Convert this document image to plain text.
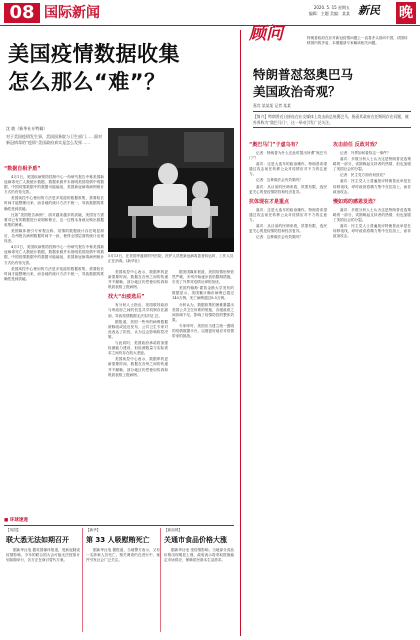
08 国际新闻	2020. 5. 15 星期五
编辑：主题 美编：某某 新民 晚
美国疫情数据收集
怎么那么“难”？
沈 敏（新华社专特稿）
对于美国疫情发生事，美国国务院与卫生部门……面对新冠病毒的“疫情”美国政府真实是怎么发挥……
5月13日，在美国华盛顿的外医院，医护人员把新冠病毒患者转运时，工作人员正在消毒。(新华社)
“数据自相矛盾”

4月1日，美国疾病预防控制中心一份研究报告中称美国新冠病毒死亡人数统计数据，数据来源并未指明美国疫情中的数据，中国疫情数据中的数据可能偏低，美国新冠病毒病例统计方式仍有待完善。

美国疾控中心使用的方法是多渠道的数据收集，需要较长时间才能整理出来，而各地的统计方法不统一，导致数据的准确性受到质疑。

比如“美国报告病例”，面对越来越多的质疑，美国官方需要对已有的数据进行说明和修正，这一过程本身就反映出数据收集的困难。

美国媒体援引专家观点称，疫情的数据统计存在明显滞后，各州报告病例数据时间不一致，使得全国层面的统计出现误差。

4月1日，美国疾病预防控制中心一份研究报告中称美国新冠病毒死亡人数统计数据，数据来源并未指明美国疫情中的数据，中国疫情数据中的数据可能偏低，美国新冠病毒病例统计方式仍有待完善。

美国疾控中心使用的方法是多渠道的数据收集，需要较长时间才能整理出来，而各地的统计方法不统一，导致数据的准确性受到质疑。

美国疾控中心表示，数据库的更新需要时间，数据在各州之间的传递并不顺畅，部分地区仍然使用传真和纸质表格上报病例。

找大“出疫选后”

有分析人士指出，美国联邦政府与州政府之间的信息共享机制存在漏洞，导致疫情数据无法实时汇总。

据报道，美国一些州的病例数据被修改或延迟发布，公共卫生专家对此表达了担忧，认为这会影响防控决策。

与此同时，美国政府承诺将加强检测能力建设，但检测数量与实际需求之间仍存在较大差距。

美国疾控中心表示，数据库的更新需要时间，数据在各州之间的传递并不顺畅，部分地区仍然使用传真和纸质表格上报病例。

据美国媒体报道，美国疫情形势依然严峻，多州开始逐步放松限制措施，引发了外界对疫情反弹的担忧。

美国约翰斯·霍普金斯大学发布的数据显示，美国累计确诊病例已超过140万例，死亡病例超过8.5万例。

分析认为，数据收集的困难暴露出美国公共卫生体系的短板，各级政府之间协调不足，影响了疫情防控的整体效果。

专家呼吁，美国应当建立统一透明的疫情数据平台，以便更好地应对疫情带来的挑战。

■ 环球速递
【英国】
联大悉无法如期召开
据新华社电 据英国媒体报道，受新冠肺炎疫情影响，今年的联合国大会可能无法按原计划如期举行，各方正在商讨替代方案。
【新华】
第 33 人吸慰贿死亡
据新华社电 据报道，当地警方表示，又有一名涉案人员死亡，相关调查仍在进行中，案件引发社会广泛关注。
【新加坡】
关通市食品价格大涨
据新华社电 受疫情影响，当地部分食品价格出现明显上涨，政府表示将采取措施稳定市场供应，保障居民基本生活需求。
顾问	特朗普政府在应对新冠疫情问题上一直将矛头指向中国，试图转移国内的矛盾，本期邀请专家解读相关问题。
特朗普怼怒奥巴马
美国政治奇观？
嘉宾 某某某 记者 某某
【简介】特朗普近日接连在社交媒体上攻击前总统奥巴马，指责其政府在任期间存在问题，被外界称为“奥巴马门”，这一举动引发广泛关注。
“奥巴马门”子虚乌有？

记者：特朗普为什么在此时提出所谓“奥巴马门”？

嘉宾：这是大选年的政治操作。特朗普希望通过攻击前任转移公众对疫情应对不力的注意力。

记者：这种做法会有效果吗？

嘉宾：从目前的民调来看，效果有限，选民更关心的是疫情防控和经济复苏。

抗体现在才是重点

嘉宾：这是大选年的政治操作。特朗普希望通过攻击前任转移公众对疫情应对不力的注意力。

嘉宾：从目前的民调来看，效果有限，选民更关心的是疫情防控和经济复苏。

记者：这种做法会有效果吗？

攻击前任 反政对戏？

记者：外界如何看待这一事件？

嘉宾：多数分析人士认为这是特朗普竞选策略的一部分，试图唤起支持者的热情，但也加剧了美国社会的分裂。

记者：民主党方面有何回应？

嘉宾：民主党人士普遍批评特朗普此举是在转移视线，呼吁政府将精力集中在抗疫上，而非政治攻击。

慢如鸡的感恩发选？

嘉宾：多数分析人士认为这是特朗普竞选策略的一部分，试图唤起支持者的热情，但也加剧了美国社会的分裂。

嘉宾：民主党人士普遍批评特朗普此举是在转移视线，呼吁政府将精力集中在抗疫上，而非政治攻击。
